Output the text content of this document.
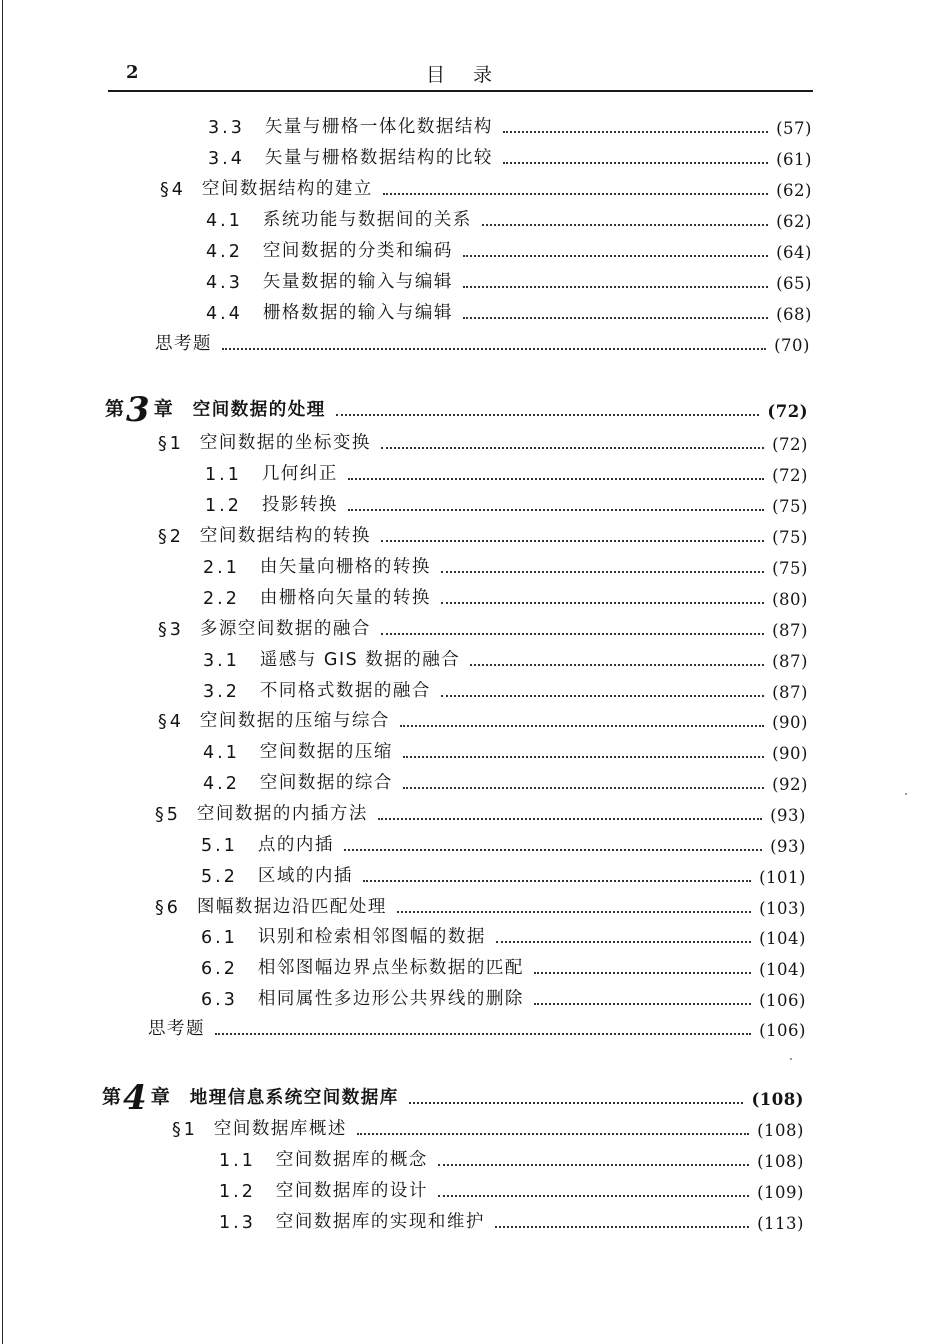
2	目录
3.3 矢量与栅格一体化数据结构	(57)
3.4 矢量与栅格数据结构的比较	(61)
§4 空间数据结构的建立	(62)
4.1 系统功能与数据间的关系	(62)
4.2 空间数据的分类和编码	(64)
4.3 矢量数据的输入与编辑	(65)
4.4 栅格数据的输入与编辑	(68)
思考题	(70)
第 3 章 空间数据的处理	(72)
§1 空间数据的坐标变换	(72)
1.1 几何纠正	(72)
1.2 投影转换	(75)
§2 空间数据结构的转换	(75)
2.1 由矢量向栅格的转换	(75)
2.2 由栅格向矢量的转换	(80)
§3 多源空间数据的融合	(87)
3.1 遥感与 GIS 数据的融合	(87)
3.2 不同格式数据的融合	(87)
§4 空间数据的压缩与综合	(90)
4.1 空间数据的压缩	(90)
4.2 空间数据的综合	(92)
§5 空间数据的内插方法	(93)
5.1 点的内插	(93)
5.2 区域的内插	(101)
§6 图幅数据边沿匹配处理	(103)
6.1 识别和检索相邻图幅的数据	(104)
6.2 相邻图幅边界点坐标数据的匹配	(104)
6.3 相同属性多边形公共界线的删除	(106)
思考题	(106)
第 4 章 地理信息系统空间数据库	(108)
§1 空间数据库概述	(108)
1.1 空间数据库的概念	(108)
1.2 空间数据库的设计	(109)
1.3 空间数据库的实现和维护	(113)
